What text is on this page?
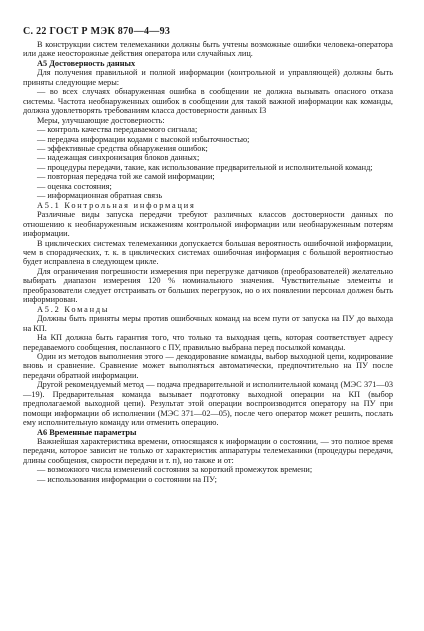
С. 22 ГОСТ Р МЭК 870—4—93

В конструкции систем телемеханики должны быть учтены возможные ошибки человека-оператора или даже неосторожные действия оператора или случайных лиц.

А5 Достоверность данных

Для получения правильной и полной информации (контрольной и управляющей) должны быть приняты следующие меры:

— во всех случаях обнаруженная ошибка в сообщении не должна вызывать опасного отказа системы. Частота необнаруженных ошибок в сообщении для такой важной информации как команды, должна удовлетворять требованиям класса достоверности данных I3

Меры, улучшающие достоверность:

— контроль качества передаваемого сигнала;

— передача информации кодами с высокой избыточностью;

— эффективные средства обнаружения ошибок;

— надежащая синхронизация блоков данных;

— процедуры передачи, такие, как использование предварительной и исполнительной команд;

— повторная передача той же самой информации;

— оценка состояния;

— информационная обратная связь

А5.1 Контрольная информация

Различные виды запуска передачи требуют различных классов достоверности данных по отношению к необнаруженным искажениям контрольной информации или необнаруженным потерям информации.

В циклических системах телемеханики допускается большая вероятность ошибочной информации, чем в спорадических, т. к. в циклических системах ошибочная информация с большой вероятностью будет исправлена в следующем цикле.

Для ограничения погрешности измерения при перегрузке датчиков (преобразователей) желательно выбирать диапазон измерения 120 % номинального значения. Чувствительные элементы и преобразователи следует отстраивать от больших перегрузок, но о их появлении персонал должен быть информирован.

А5.2 Команды

Должны быть приняты меры против ошибочных команд на всем пути от запуска на ПУ до выхода на КП.

На КП должна быть гарантия того, что только та выходная цепь, которая соответствует адресу передаваемого сообщения, посланного с ПУ, правильно выбрана перед посылкой команды.

Один из методов выполнения этого — декодирование команды, выбор выходной цепи, кодирование вновь и сравнение. Сравнение может выполняться автоматически, предпочтительно на ПУ после передачи обратной информации.

Другой рекомендуемый метод — подача предварительной и исполнительной команд (МЭС 371—03—19). Предварительная команда вызывает подготовку выходной операции на КП (выбор предполагаемой выходной цепи). Результат этой операции воспроизводится оператору на ПУ при помощи информации об исполнении (МЭС 371—02—05), после чего оператор может решить, послать ему исполнительную команду или отменить операцию.

А6 Временные параметры

Важнейшая характеристика времени, относящаяся к информации о состоянии, — это полное время передачи, которое зависит не только от характеристик аппаратуры телемеханики (процедуры передачи, длины сообщения, скорости передачи и т. п), но также и от:

— возможного числа изменений состояния за короткий промежуток времени;

— использования информации о состоянии на ПУ;
